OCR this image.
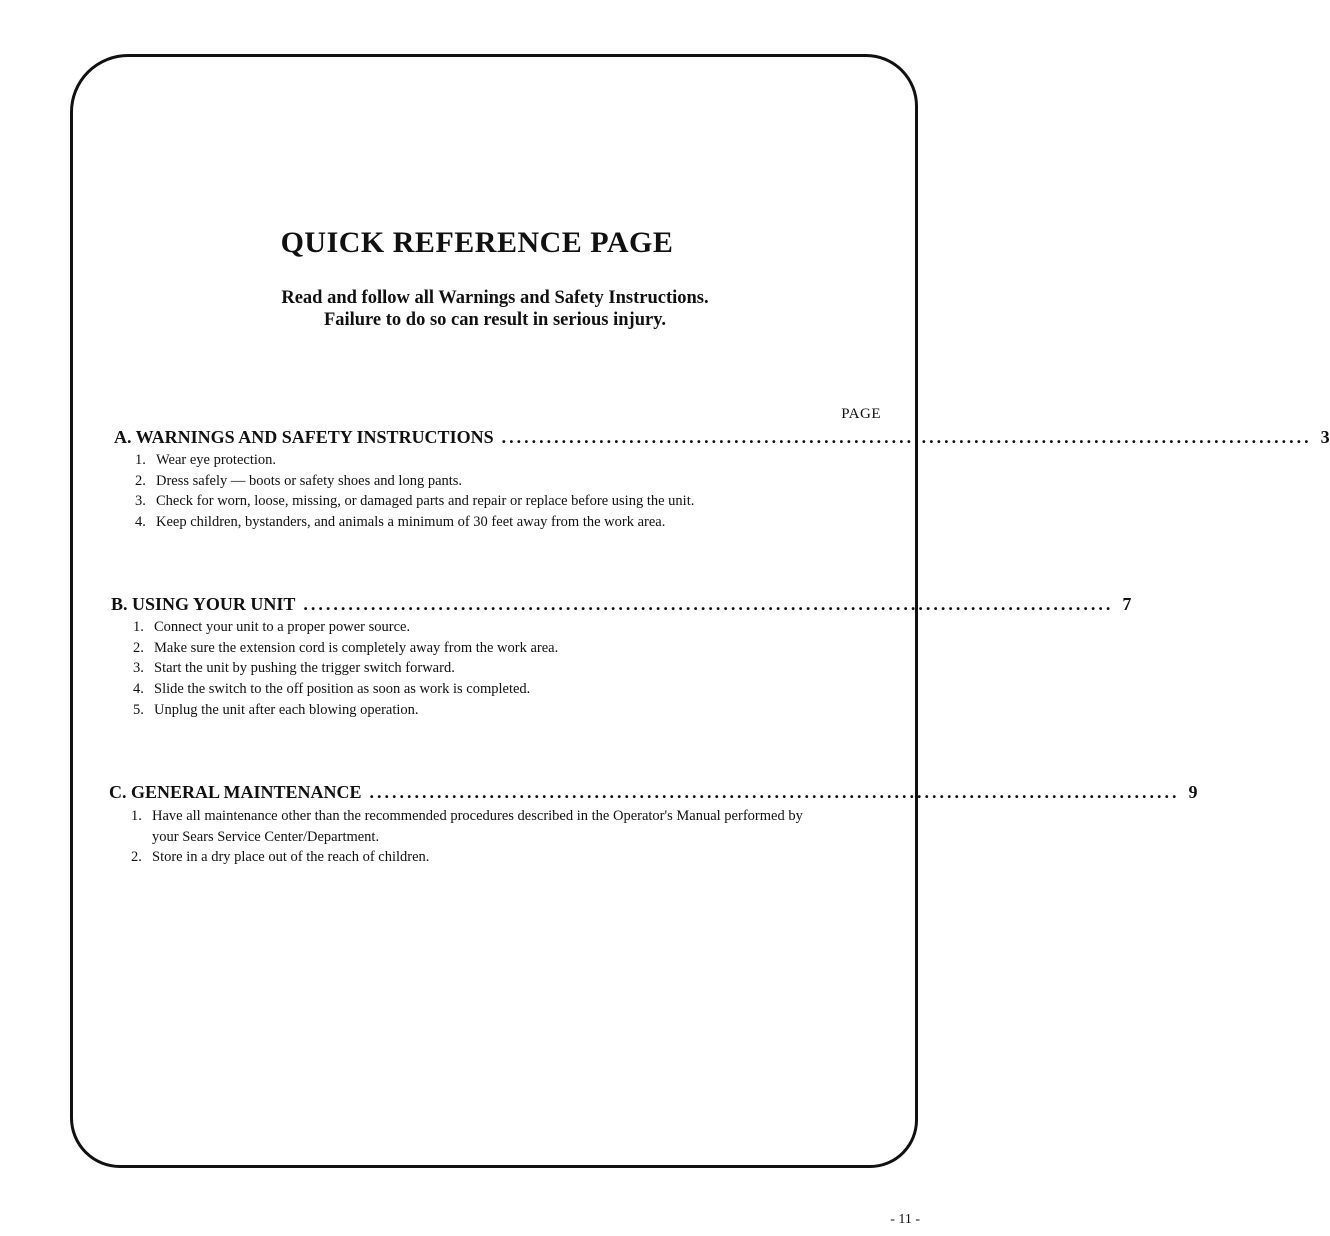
QUICK REFERENCE PAGE
Read and follow all Warnings and Safety Instructions.
Failure to do so can result in serious injury.
PAGE
A. WARNINGS AND SAFETY INSTRUCTIONS ............................................................................................................ 3
1. Wear eye protection.
2. Dress safely — boots or safety shoes and long pants.
3. Check for worn, loose, missing, or damaged parts and repair or replace before using the unit.
4. Keep children, bystanders, and animals a minimum of 30 feet away from the work area.
B. USING YOUR UNIT ............................................................................................................ 7
1. Connect your unit to a proper power source.
2. Make sure the extension cord is completely away from the work area.
3. Start the unit by pushing the trigger switch forward.
4. Slide the switch to the off position as soon as work is completed.
5. Unplug the unit after each blowing operation.
C. GENERAL MAINTENANCE ............................................................................................................ 9
1. Have all maintenance other than the recommended procedures described in the Operator's Manual performed by your Sears Service Center/Department.
2. Store in a dry place out of the reach of children.
- 11 -
